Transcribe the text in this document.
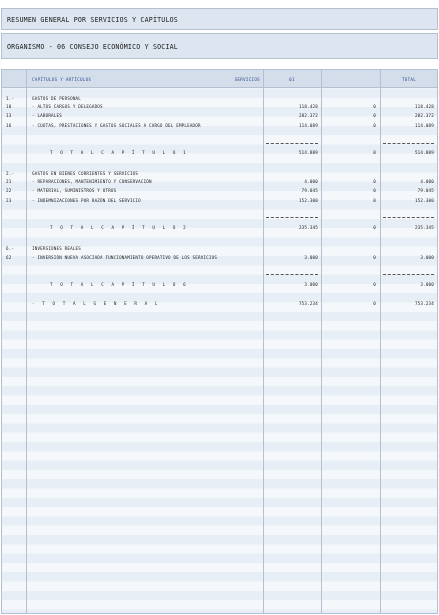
RESUMEN GENERAL POR SERVICIOS Y CAPÍTULOS
ORGANISMO - 06 CONSEJO ECONÓMICO Y SOCIAL
CAPÍTULOS Y ARTÍCULOS	SERVICIOS	01	TOTAL
1.-	GASTOS DE PERSONAL
10	- ALTOS CARGOS Y DELEGADOS	118.428	0	118.428
13	- LABORALES	282.372	0	282.372
16	- CUOTAS, PRESTACIONES Y GASTOS SOCIALES A CARGO DEL EMPLEADOR	114.089	0	114.089
T O T A L C A P Í T U L O 1	514.889	0	514.889
2.-	GASTOS EN BIENES CORRIENTES Y SERVICIOS
21	- REPARACIONES, MANTENIMIENTO Y CONSERVACIÓN	4.000	0	4.000
22	- MATERIAL, SUMINISTROS Y OTROS	79.045	0	79.045
23	- INDEMNIZACIONES POR RAZÓN DEL SERVICIO	152.300	0	152.300
T O T A L C A P Í T U L O 2	235.345	0	235.345
6.-	INVERSIONES REALES
62	- INVERSIÓN NUEVA ASOCIADA FUNCIONAMIENTO OPERATIVO DE LOS SERVICIOS	3.000	0	3.000
T O T A L C A P Í T U L O 6	3.000	0	3.000
- T O T A L G E N E R A L	753.234	0	753.234
